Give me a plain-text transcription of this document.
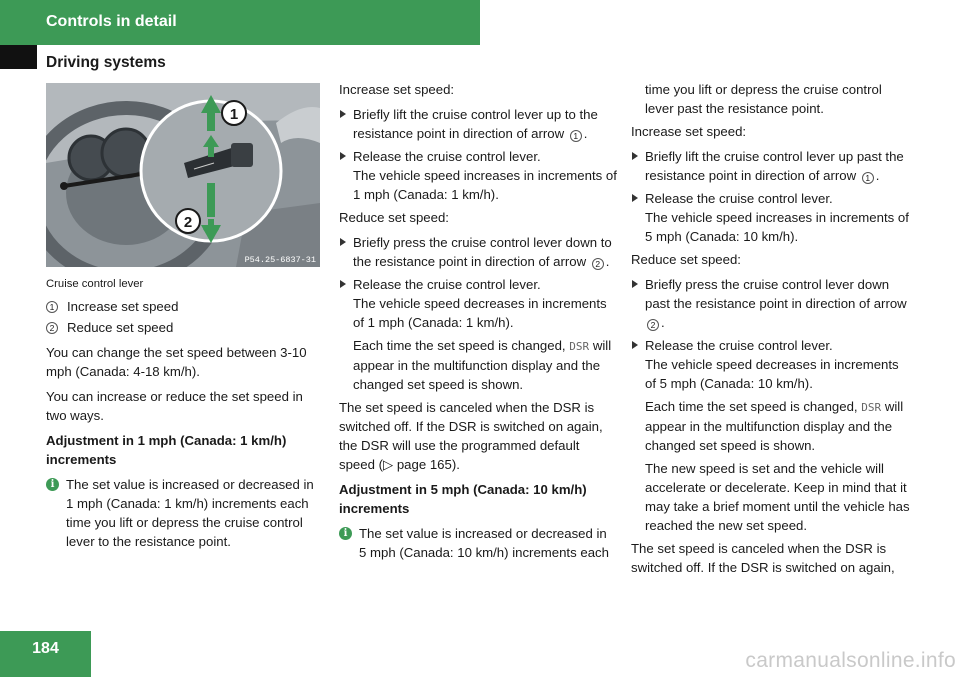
Controls in detail
Driving systems
1
2
P54.25-6837-31
Cruise control lever
1 Increase set speed
2 Reduce set speed

You can change the set speed between 3-10 mph (Canada: 4-18 km/h).

You can increase or reduce the set speed in two ways.

Adjustment in 1 mph (Canada: 1 km/h) increments

i The set value is increased or decreased in 1 mph (Canada: 1 km/h) increments each time you lift or depress the cruise control lever to the resistance point.

Increase set speed:

Briefly lift the cruise control lever up to the resistance point in direction of arrow 1 .
Release the cruise control lever.
The vehicle speed increases in increments of 1 mph (Canada: 1 km/h).

Reduce set speed:

Briefly press the cruise control lever down to the resistance point in direction of arrow 2 .
Release the cruise control lever.
The vehicle speed decreases in increments of 1 mph (Canada: 1 km/h).
Each time the set speed is changed, DSR will appear in the multifunction display and the changed set speed is shown.

The set speed is canceled when the DSR is switched off. If the DSR is switched on again, the DSR will use the programmed default speed (▷ page 165).

Adjustment in 5 mph (Canada: 10 km/h) increments

i The set value is increased or decreased in 5 mph (Canada: 10 km/h) increments each
time you lift or depress the cruise control lever past the resistance point.

Increase set speed:

Briefly lift the cruise control lever up past the resistance point in direction of arrow 1 .
Release the cruise control lever.
The vehicle speed increases in increments of 5 mph (Canada: 10 km/h).

Reduce set speed:

Briefly press the cruise control lever down past the resistance point in direction of arrow 2 .
Release the cruise control lever.
The vehicle speed decreases in increments of 5 mph (Canada: 10 km/h).
Each time the set speed is changed, DSR will appear in the multifunction display and the changed set speed is shown.
The new speed is set and the vehicle will accelerate or decelerate. Keep in mind that it may take a brief moment until the vehicle has reached the new set speed.

The set speed is canceled when the DSR is switched off. If the DSR is switched on again,

184
carmanualsonline.info
